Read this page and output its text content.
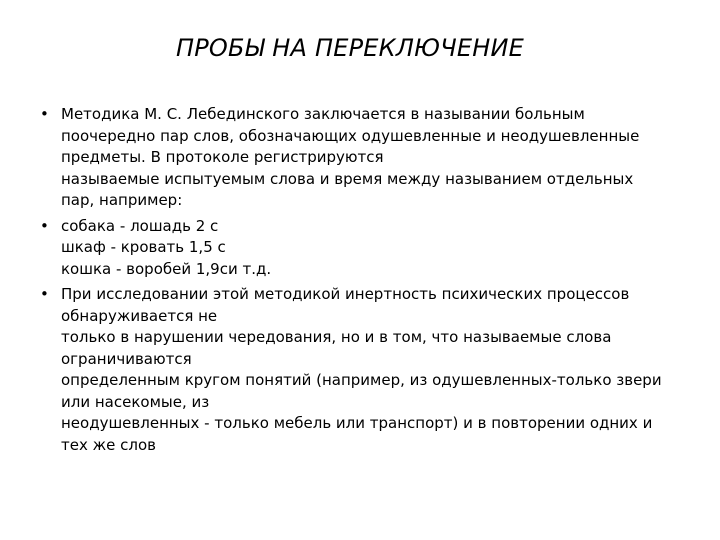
ПРОБЫ НА ПЕРЕКЛЮЧЕНИЕ
• Методика М. С. Лебединского заключается в назывании больным
поочередно пар слов, обозначающих одушевленные и неодушевленные
предметы. В протоколе регистрируются
называемые испытуемым слова и время между называнием отдельных
пар, например:
• собака - лошадь 2 с
шкаф - кровать 1,5 с
кошка - воробей 1,9си т.д.
• При исследовании этой методикой инертность психических процессов
обнаруживается не
только в нарушении чередования, но и в том, что называемые слова
ограничиваются
определенным кругом понятий (например, из одушевленных-только звери
или насекомые, из
неодушевленных - только мебель или транспорт) и в повторении одних и
тех же слов
